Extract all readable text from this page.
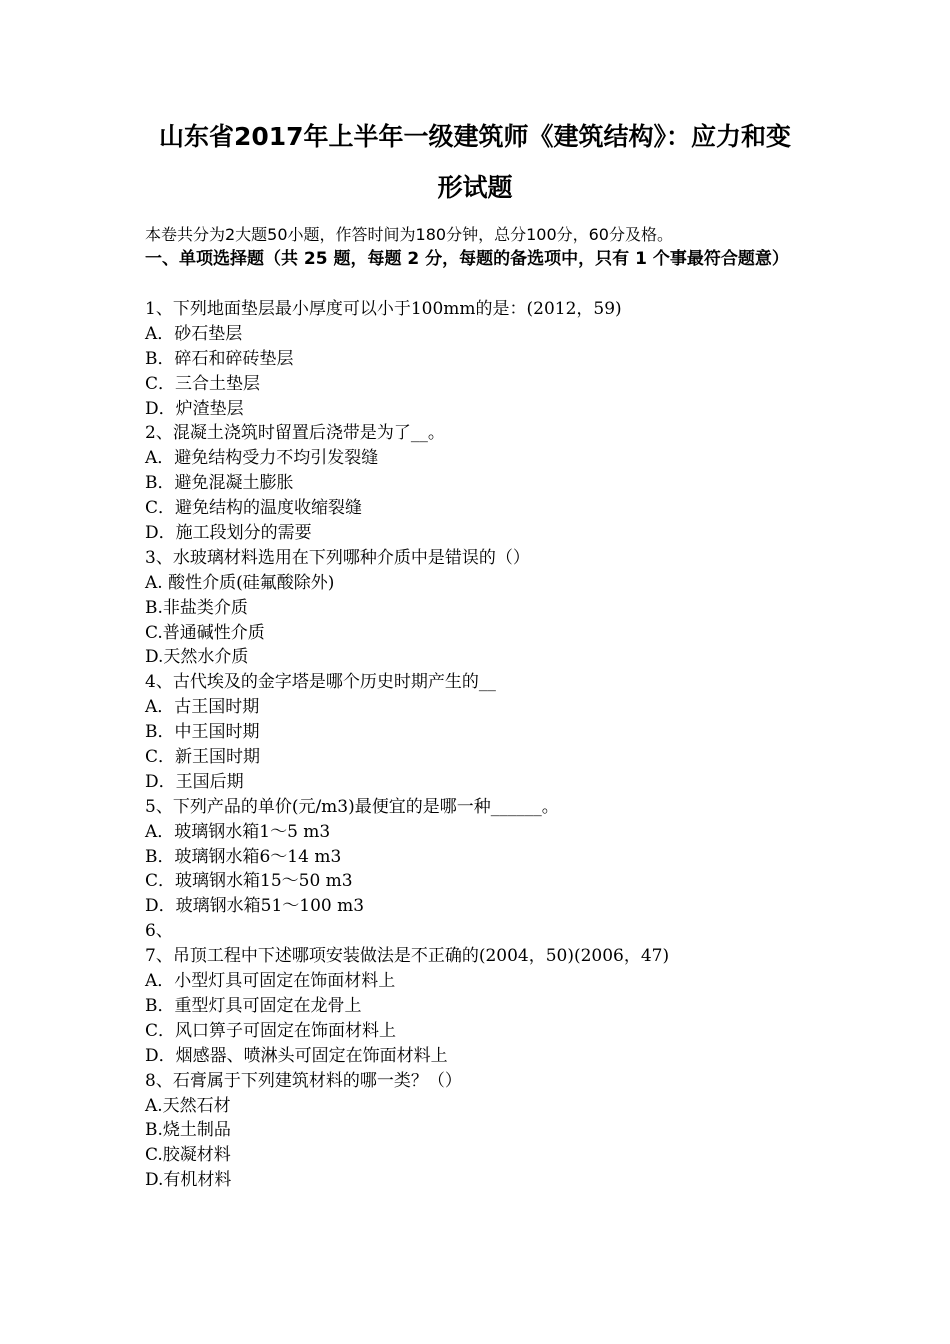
山东省2017年上半年一级建筑师《建筑结构》：应力和变
形试题
本卷共分为2大题50小题，作答时间为180分钟，总分100分，60分及格。
一、单项选择题（共 25 题，每题 2 分，每题的备选项中，只有 1 个事最符合题意）
1、下列地面垫层最小厚度可以小于100mm的是：(2012，59)
A．砂石垫层
B．碎石和碎砖垫层
C．三合土垫层
D．炉渣垫层
2、混凝土浇筑时留置后浇带是为了__。
A．避免结构受力不均引发裂缝
B．避免混凝土膨胀
C．避免结构的温度收缩裂缝
D．施工段划分的需要
3、水玻璃材料选用在下列哪种介质中是错误的（）
A. 酸性介质(硅氟酸除外)
B.非盐类介质
C.普通碱性介质
D.天然水介质
4、古代埃及的金字塔是哪个历史时期产生的__
A．古王国时期
B．中王国时期
C．新王国时期
D．王国后期
5、下列产品的单价(元/m3)最便宜的是哪一种______。
A．玻璃钢水箱1～5 m3
B．玻璃钢水箱6～14 m3
C．玻璃钢水箱15～50 m3
D．玻璃钢水箱51～100 m3
6、
7、吊顶工程中下述哪项安装做法是不正确的(2004，50)(2006，47)
A．小型灯具可固定在饰面材料上
B．重型灯具可固定在龙骨上
C．风口箅子可固定在饰面材料上
D．烟感器、喷淋头可固定在饰面材料上
8、石膏属于下列建筑材料的哪一类？（）
A.天然石材
B.烧土制品
C.胶凝材料
D.有机材料
